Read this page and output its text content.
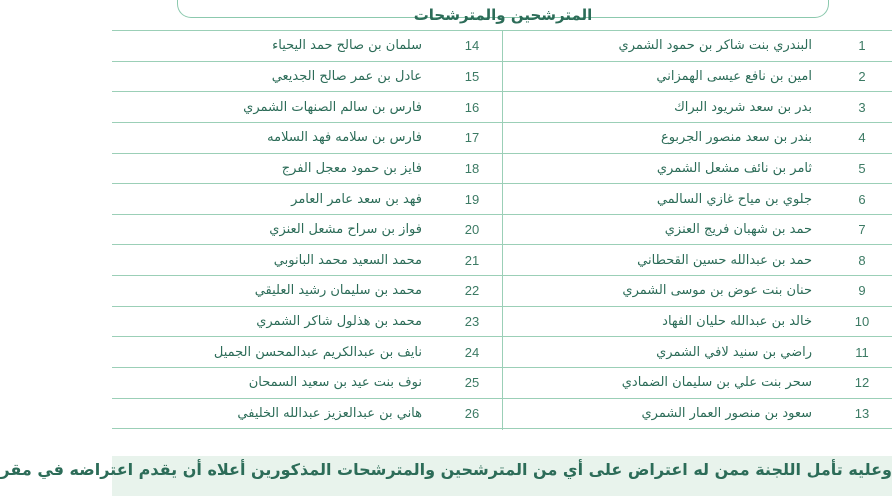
المترشحين والمترشحات
1
البندري بنت شاكر بن حمود الشمري
2
امين بن نافع عيسى الهمزاني
3
بدر بن سعد شريود البراك
4
بندر بن سعد منصور الجربوع
5
ثامر بن نائف مشعل الشمري
6
جلوي بن مياح غازي السالمي
7
حمد بن شهبان فريج العنزي
8
حمد بن عبدالله حسين القحطاني
9
حنان بنت عوض بن موسى الشمري
10
خالد بن عبدالله حليان الفهاد
11
راضي بن سنيد لافي الشمري
12
سحر بنت علي بن سليمان الضمادي
13
سعود بن منصور العمار الشمري
14
سلمان بن صالح حمد اليحياء
15
عادل بن عمر صالح الجديعي
16
فارس بن سالم الصنهات الشمري
17
فارس بن سلامه فهد السلامه
18
فايز بن حمود معجل الفرج
19
فهد بن سعد عامر العامر
20
فواز بن سراح مشعل العنزي
21
محمد السعيد محمد البانوبي
22
محمد بن سليمان رشيد العليقي
23
محمد بن هذلول شاكر الشمري
24
نايف بن عبدالكريم عبدالمحسن الجميل
25
نوف بنت عيد بن سعيد السمحان
26
هاني بن عبدالعزيز عبدالله الخليفي
وعليه تأمل اللجنة ممن له اعتراض على أي من المترشحين والمترشحات المذكورين أعلاه أن يقدم اعتراضه في مقر
